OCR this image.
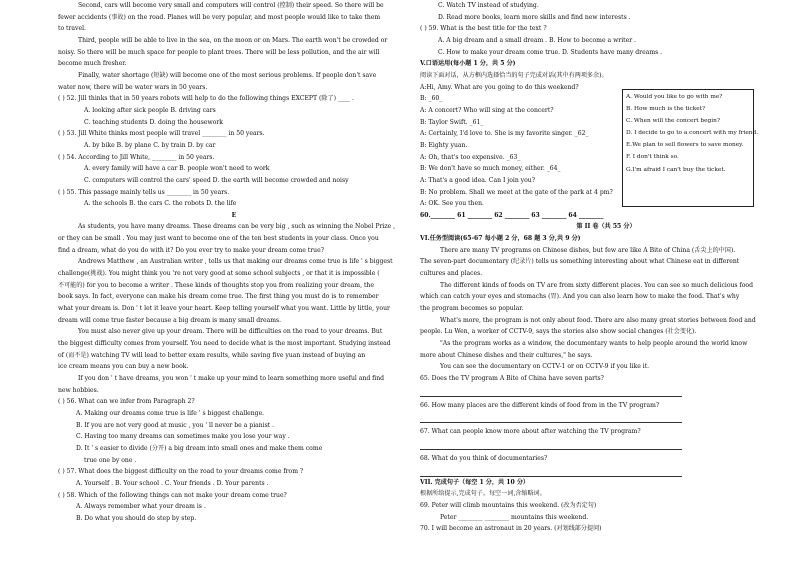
Second, cars will become very small and computers will control (控制) their speed. So there will be
fewer accidents (事故) on the road. Planes will be very popular, and most people would like to take them
to travel.
Third, people will be able to live in the sea, on the moon or on Mars. The earth won't be crowded or
noisy. So there will be much space for people to plant trees. There will be less pollution, and the air will
become much fresher.
Finally, water shortage (短缺) will become one of the most serious problems. If people don't save
water now, there will be water wars in 50 years.
( ) 52. Jill thinks that in 50 years robots will help to do the following things EXCEPT (除了) ____ .
A. looking after sick people B. driving cars
C. teaching students D. doing the housework
( ) 53. Jill White thinks most people will travel ________ in 50 years.
A. by bike B. by plane C. by train D. by car
( ) 54. According to Jill White, ________ in 50 years.
A. every family will have a car B. people won't need to work
C. computers will control the cars' speed D. the earth will become crowded and noisy
( ) 55. This passage mainly tells us ________ in 50 years.
A. the schools B. the cars C. the robots D. the life
E
As students, you have many dreams. These dreams can be very big , such as winning the Nobel Prize ,
or they can be small . You may just want to become one of the ten best students in your class. Once you
find a dream, what do you do with it? Do you ever try to make your dream come true?
Andrews Matthew , an Australian writer , tells us that making our dreams come true is life ' s biggest
challenge(挑战). You might think you 're not very good at some school subjects , or that it is impossible (
不可能的) for you to become a writer . These kinds of thoughts stop you from realizing your dream, the
book says. In fact, everyone can make his dream come true. The first thing you must do is to remember
what your dream is. Don ' t let it leave your heart. Keep telling yourself what you want. Little by little, your
dream will come true faster because a big dream is many small dreams.
You must also never give up your dream. There will be difficulties on the road to your dreams. But
the biggest difficulty comes from yourself. You need to decide what is the most important. Studying instead
of (而不是) watching TV will lead to better exam results, while saving five yuan instead of buying an
ice cream means you can buy a new book.
If you don ' t have dreams, you won ' t make up your mind to learn something more useful and find
new hobbies.
( ) 56. What can we infer from Paragraph 2?
A. Making our dreams come true is life ' s biggest challenge.
B. If you are not very good at music , you ' ll never be a pianist .
C. Having too many dreams can sometimes make you lose your way .
D. It ' s easier to divide (分开) a big dream into small ones and make them come
true one by one .
( ) 57. What does the biggest difficulty on the road to your dreams come from ?
A. Yourself . B. Your school . C. Your friends . D. Your parents .
( ) 58. Which of the following things can not make your dream come true?
A. Always remember what your dream is .
B. Do what you should do step by step.
C. Watch TV instead of studying.
D. Read more books, learn more skills and find new interests .
( ) 59. What is the best title for the text ?
A. A big dream and a small dream . B. How to become a writer .
C. How to make your dream come true. D. Students have many dreams .
V.口语运用(每小题 1 分，共 5 分)
阅读下面对话，从方框内选择恰当的句子完成对话(其中有两项多余)。
A:Hi, Amy. What are you going to do this weekend?
B: _60_
A: A concert? Who will sing at the concert?
B: Taylor Swift. _61_
A: Certainly, I'd love to. She is my favorite singer. _62_
B: Eighty yuan.
A: Oh, that's too expensive. _63_
B: We don't have so much money, either. _64_
A: That's a good idea. Can I join you?
B: No problem. Shall we meet at the gate of the park at 4 pm?
A: OK. See you then.
60.________ 61 ________ 62 ________ 63 ________ 64 ________
第 II 卷（共 55 分）
VI.任务型阅读(65-67 每小题 2 分，68 题 3 分,共 9 分)
There are many TV programs on Chinese dishes, but few are like A Bite of China (舌尖上的中国).
The seven-part documentary (纪录片) tells us something interesting about what Chinese eat in different
cultures and places.
The different kinds of foods on TV are from sixty different places. You can see so much delicious food
which can catch your eyes and stomachs (胃). And you can also learn how to make the food. That's why
the program becomes so popular.
What's more, the program is not only about food. There are also many great stories between food and
people. Lu Wen, a worker of CCTV-9, says the stories also show social changes (社会变化).
"As the program works as a window, the documentary wants to help people around the world know
more about Chinese dishes and their cultures," he says.
You can see the documentary on CCTV-1 or on CCTV-9 if you like it.
65. Does the TV program A Bite of China have seven parts?
66. How many places are the different kinds of food from in the TV program?
67. What can people know more about after watching the TV program?
68. What do you think of documentaries?
VII. 完成句子（每空 1 分，共 10 分）
根据所给提示,完成句子。每空一词,含缩略词。
69. Peter will climb mountains this weekend. (改为否定句)
Peter ________ ________ mountains this weekend.
70. I will become an astronaut in 20 years. (对划线部分提问)
A. Would you like to go with me?
B. How much is the ticket?
C. When will the concert begin?
D. I decide to go to a concert with my friend.
E.We plan to sell flowers to save money.
F. I don't think so.
G.I'm afraid I can't buy the ticket.
